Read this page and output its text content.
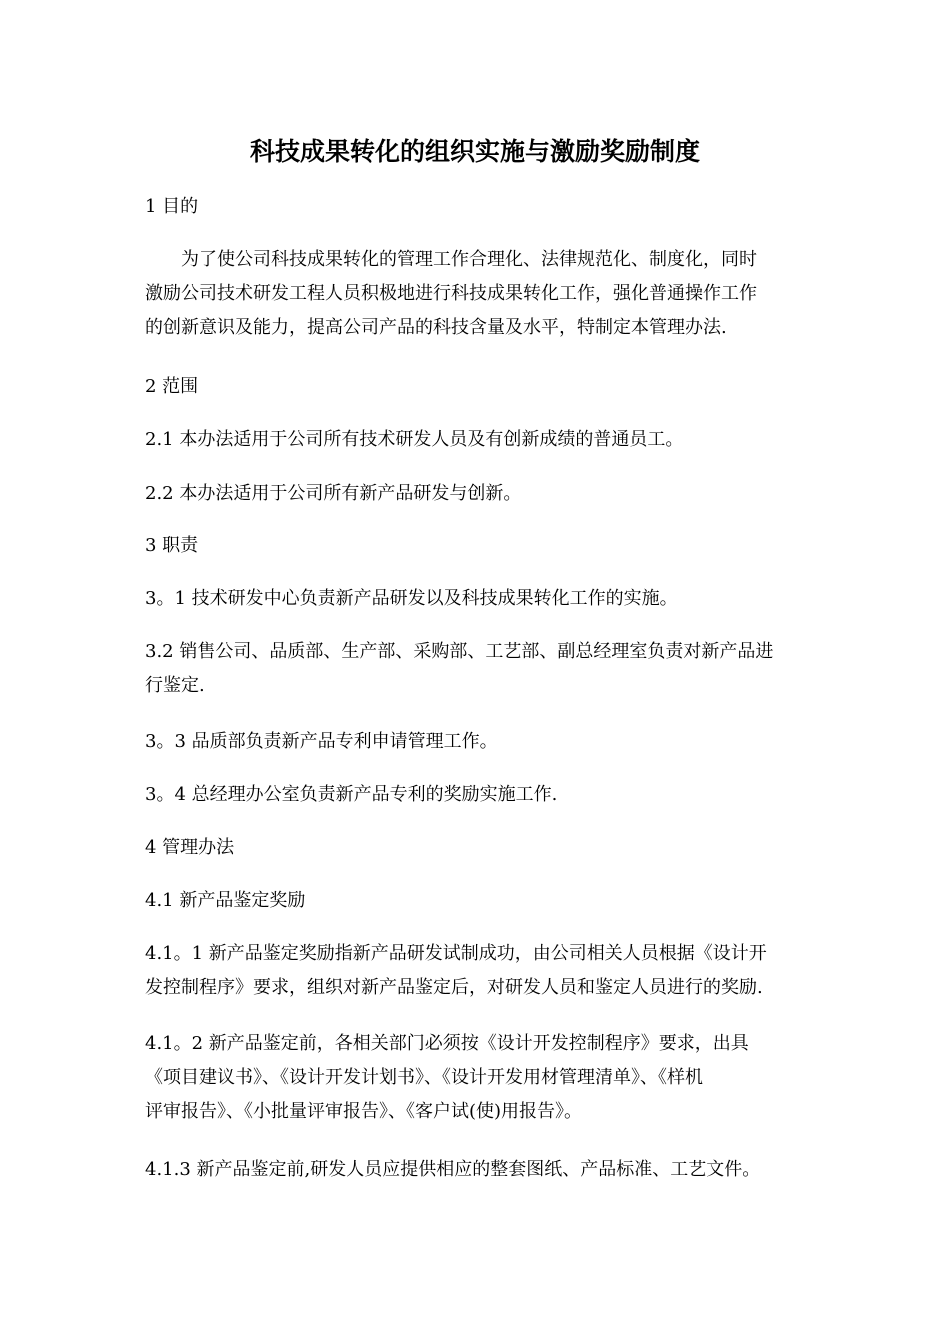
科技成果转化的组织实施与激励奖励制度
1 目的
为了使公司科技成果转化的管理工作合理化、法律规范化、制度化，同时
激励公司技术研发工程人员积极地进行科技成果转化工作，强化普通操作工作
的创新意识及能力，提高公司产品的科技含量及水平，特制定本管理办法.
2 范围
2.1 本办法适用于公司所有技术研发人员及有创新成绩的普通员工。
2.2 本办法适用于公司所有新产品研发与创新。
3 职责
3。1 技术研发中心负责新产品研发以及科技成果转化工作的实施。
3.2 销售公司、品质部、生产部、采购部、工艺部、副总经理室负责对新产品进
行鉴定.
3。3 品质部负责新产品专利申请管理工作。
3。4 总经理办公室负责新产品专利的奖励实施工作.
4 管理办法
4.1 新产品鉴定奖励
4.1。1 新产品鉴定奖励指新产品研发试制成功，由公司相关人员根据《设计开
发控制程序》要求，组织对新产品鉴定后，对研发人员和鉴定人员进行的奖励.
4.1。2 新产品鉴定前，各相关部门必须按《设计开发控制程序》要求，出具
《项目建议书》、《设计开发计划书》、《设计开发用材管理清单》、《样机
评审报告》、《小批量评审报告》、《客户试(使)用报告》。
4.1.3 新产品鉴定前,研发人员应提供相应的整套图纸、产品标准、工艺文件。
